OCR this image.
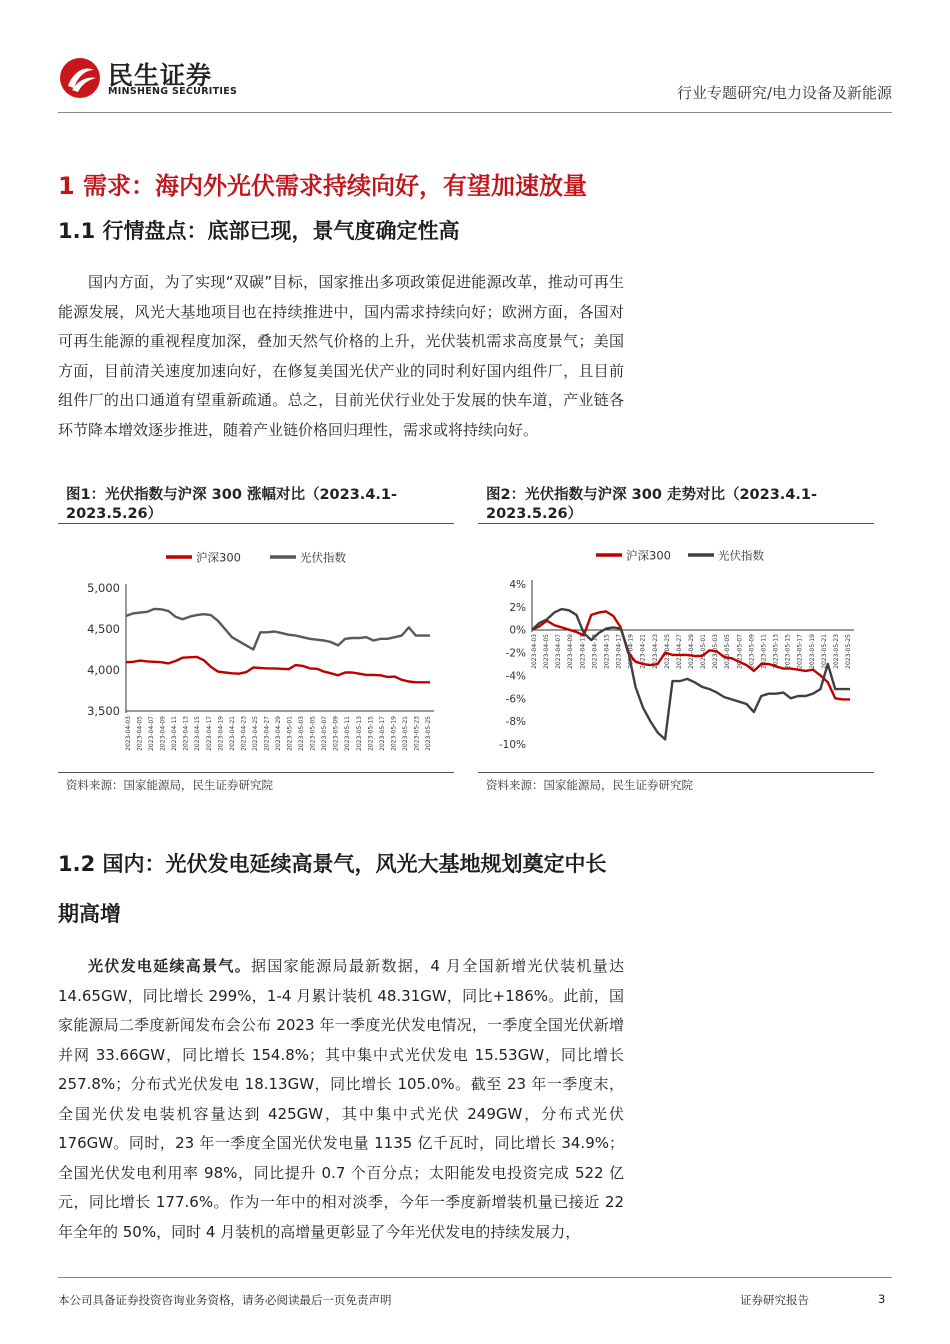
民生证券
MINSHENG SECURITIES	行业专题研究/电力设备及新能源
1 需求：海内外光伏需求持续向好，有望加速放量
1.1 行情盘点：底部已现，景气度确定性高
国内方面，为了实现“双碳”目标，国家推出多项政策促进能源改革，推动可再生能源发展，风光大基地项目也在持续推进中，国内需求持续向好；欧洲方面，各国对可再生能源的重视程度加深，叠加天然气价格的上升，光伏装机需求高度景气；美国方面，目前清关速度加速向好，在修复美国光伏产业的同时利好国内组件厂，且目前组件厂的出口通道有望重新疏通。总之，目前光伏行业处于发展的快车道，产业链各环节降本增效逐步推进，随着产业链价格回归理性，需求或将持续向好。
图1：光伏指数与沪深 300 涨幅对比（2023.4.1-
2023.5.26）
沪深300	光伏指数
3,500
4,000
4,500
5,000
2023-04-03 2023-04-05 2023-04-07 2023-04-09 2023-04-11 2023-04-13 2023-04-15 2023-04-17 2023-04-19 2023-04-21 2023-04-23 2023-04-25 2023-04-27 2023-04-29 2023-05-01 2023-05-03 2023-05-05 2023-05-07 2023-05-09 2023-05-11 2023-05-13 2023-05-15 2023-05-17 2023-05-19 2023-05-21 2023-05-23 2023-05-25
资料来源：国家能源局，民生证券研究院
图2：光伏指数与沪深 300 走势对比（2023.4.1-
2023.5.26）
沪深300	光伏指数
-10%
-8%
-6%
-4%
-2%
0%
2%
4%
2023-04-03 2023-04-05 2023-04-07 2023-04-09 2023-04-11 2023-04-13 2023-04-15 2023-04-17 2023-04-19 2023-04-21 2023-04-23 2023-04-25 2023-04-27 2023-04-29 2023-05-01 2023-05-03 2023-05-05 2023-05-07 2023-05-09 2023-05-11 2023-05-13 2023-05-15 2023-05-17 2023-05-19 2023-05-21 2023-05-23 2023-05-25
资料来源：国家能源局，民生证券研究院
1.2 国内：光伏发电延续高景气，风光大基地规划奠定中长
期高增
光伏发电延续高景气。据国家能源局最新数据，4 月全国新增光伏装机量达 14.65GW，同比增长 299%，1-4 月累计装机 48.31GW，同比+186%。此前，国家能源局二季度新闻发布会公布 2023 年一季度光伏发电情况，一季度全国光伏新增并网 33.66GW，同比增长 154.8%；其中集中式光伏发电 15.53GW，同比增长 257.8%；分布式光伏发电 18.13GW，同比增长 105.0%。截至 23 年一季度末，全国光伏发电装机容量达到 425GW，其中集中式光伏 249GW，分布式光伏 176GW。同时，23 年一季度全国光伏发电量 1135 亿千瓦时，同比增长 34.9%；全国光伏发电利用率 98%，同比提升 0.7 个百分点；太阳能发电投资完成 522 亿元，同比增长 177.6%。作为一年中的相对淡季，今年一季度新增装机量已接近 22 年全年的 50%，同时 4 月装机的高增量更彰显了今年光伏发电的持续发展力，
本公司具备证券投资咨询业务资格，请务必阅读最后一页免责声明	证券研究报告	3
